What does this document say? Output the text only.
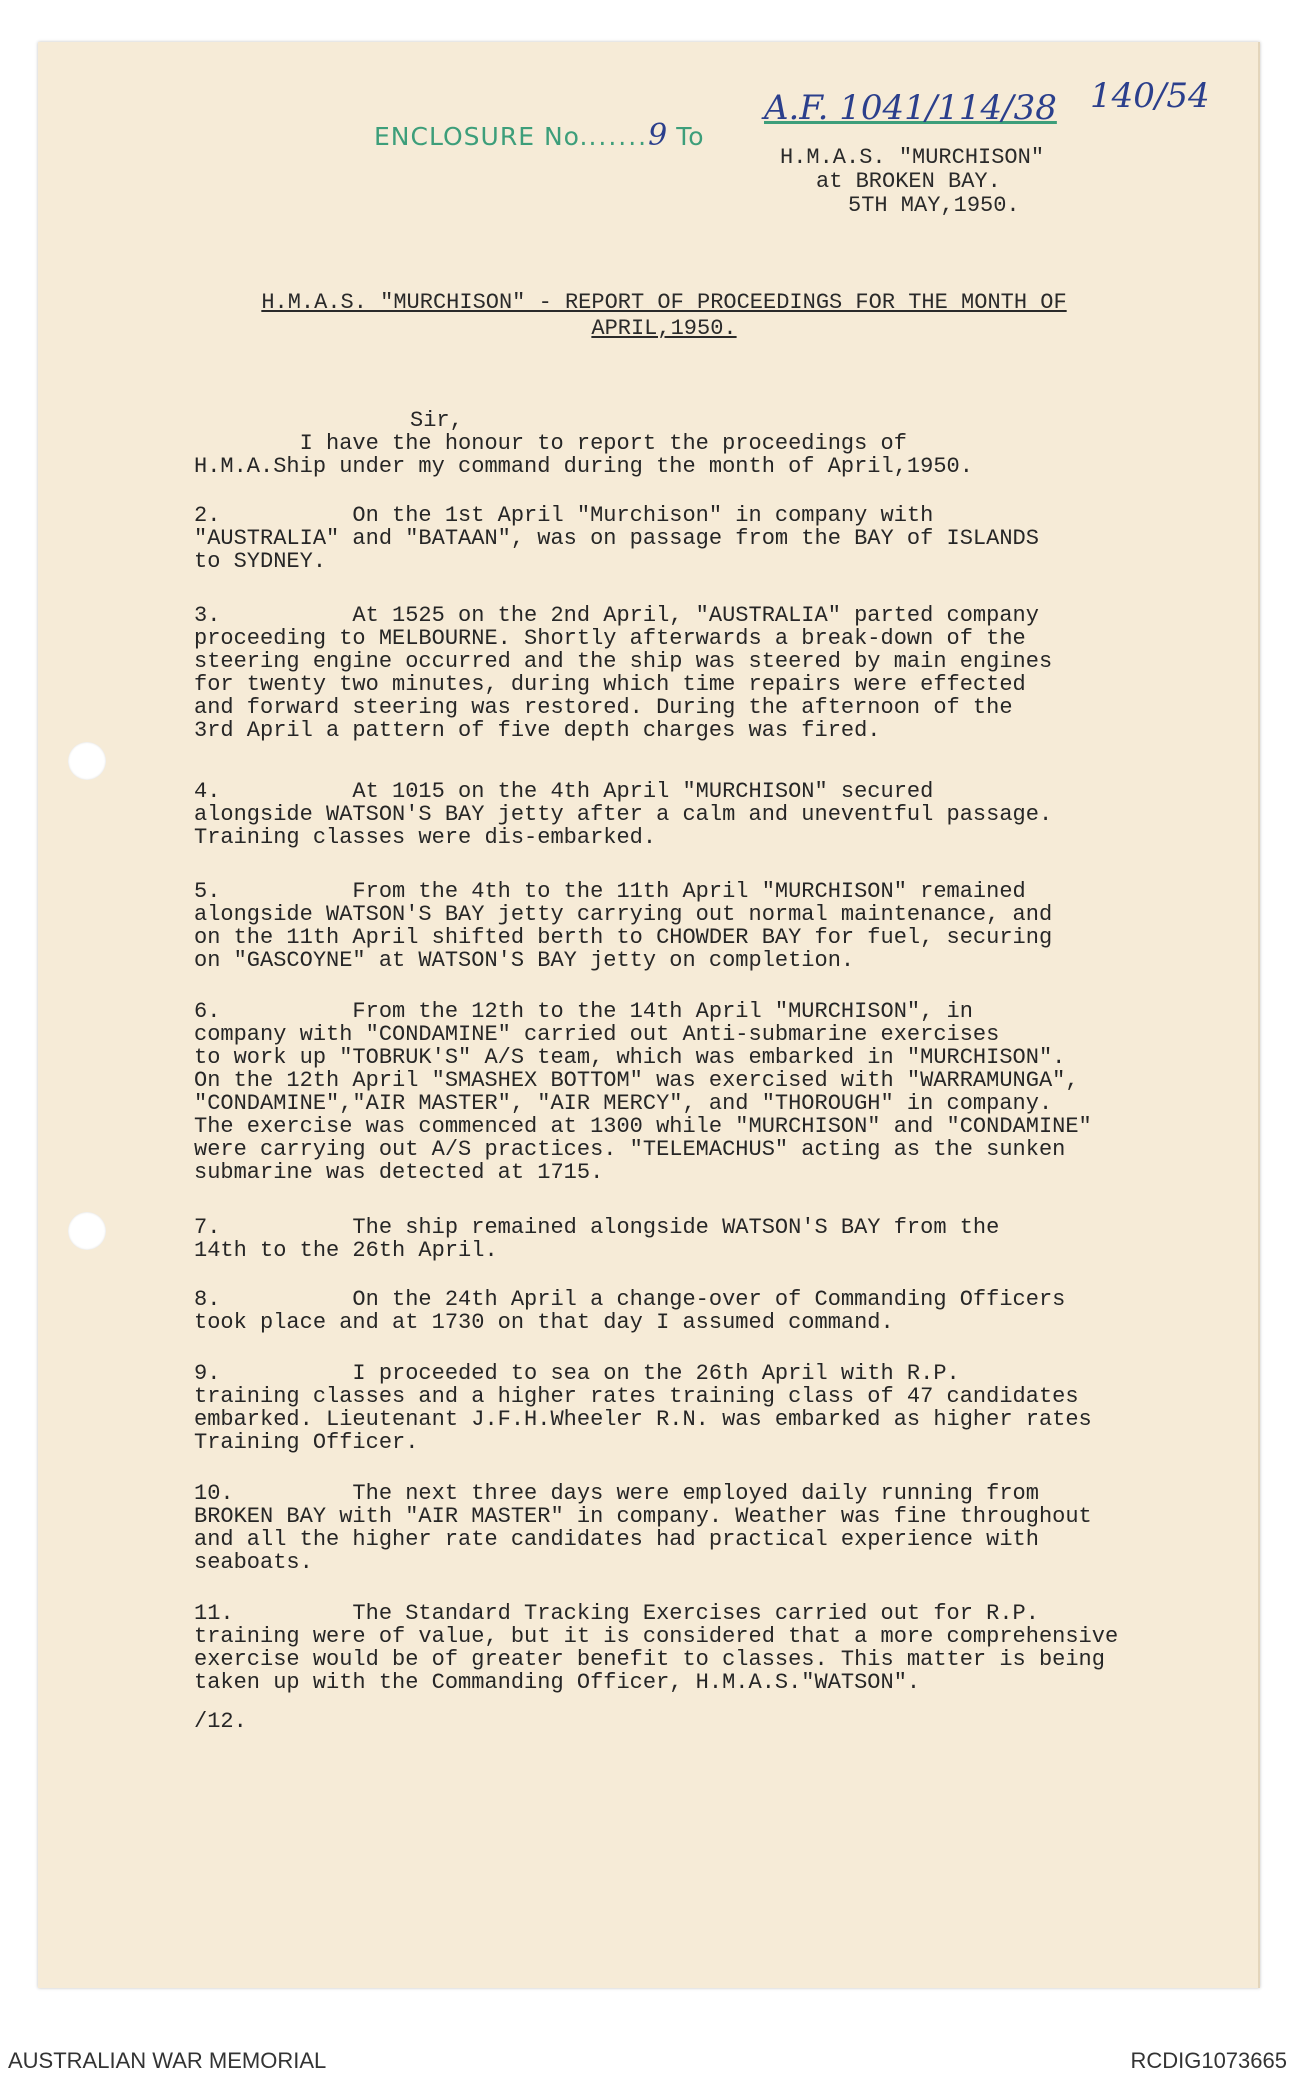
ENCLOSURE No.......9 To
A.F. 1041/114/38 140/54
H.M.A.S. "MURCHISON"
at BROKEN BAY.
5TH MAY,1950.
H.M.A.S. "MURCHISON" - REPORT OF PROCEEDINGS FOR THE MONTH OF
APRIL,1950.
Sir,

I have the honour to report the proceedings of
H.M.A.Ship under my command during the month of April,1950.

2.          On the 1st April "Murchison" in company with
"AUSTRALIA" and "BATAAN", was on passage from the BAY of ISLANDS
to SYDNEY.

3.          At 1525 on the 2nd April, "AUSTRALIA" parted company
proceeding to MELBOURNE. Shortly afterwards a break-down of the
steering engine occurred and the ship was steered by main engines
for twenty two minutes, during which time repairs were effected
and forward steering was restored. During the afternoon of the
3rd April a pattern of five depth charges was fired.

4.          At 1015 on the 4th April "MURCHISON" secured
alongside WATSON'S BAY jetty after a calm and uneventful passage.
Training classes were dis-embarked.

5.          From the 4th to the 11th April "MURCHISON" remained
alongside WATSON'S BAY jetty carrying out normal maintenance, and
on the 11th April shifted berth to CHOWDER BAY for fuel, securing
on "GASCOYNE" at WATSON'S BAY jetty on completion.

6.          From the 12th to the 14th April "MURCHISON", in
company with "CONDAMINE" carried out Anti-submarine exercises
to work up "TOBRUK'S" A/S team, which was embarked in "MURCHISON".
On the 12th April "SMASHEX BOTTOM" was exercised with "WARRAMUNGA",
"CONDAMINE","AIR MASTER", "AIR MERCY", and "THOROUGH" in company.
The exercise was commenced at 1300 while "MURCHISON" and "CONDAMINE"
were carrying out A/S practices. "TELEMACHUS" acting as the sunken
submarine was detected at 1715.

7.          The ship remained alongside WATSON'S BAY from the
14th to the 26th April.

8.          On the 24th April a change-over of Commanding Officers
took place and at 1730 on that day I assumed command.

9.          I proceeded to sea on the 26th April with R.P.
training classes and a higher rates training class of 47 candidates
embarked. Lieutenant J.F.H.Wheeler R.N. was embarked as higher rates
Training Officer.

10.         The next three days were employed daily running from
BROKEN BAY with "AIR MASTER" in company. Weather was fine throughout
and all the higher rate candidates had practical experience with
seaboats.

11.         The Standard Tracking Exercises carried out for R.P.
training were of value, but it is considered that a more comprehensive
exercise would be of greater benefit to classes. This matter is being
taken up with the Commanding Officer, H.M.A.S."WATSON".

/12.

AUSTRALIAN WAR MEMORIAL	RCDIG1073665
